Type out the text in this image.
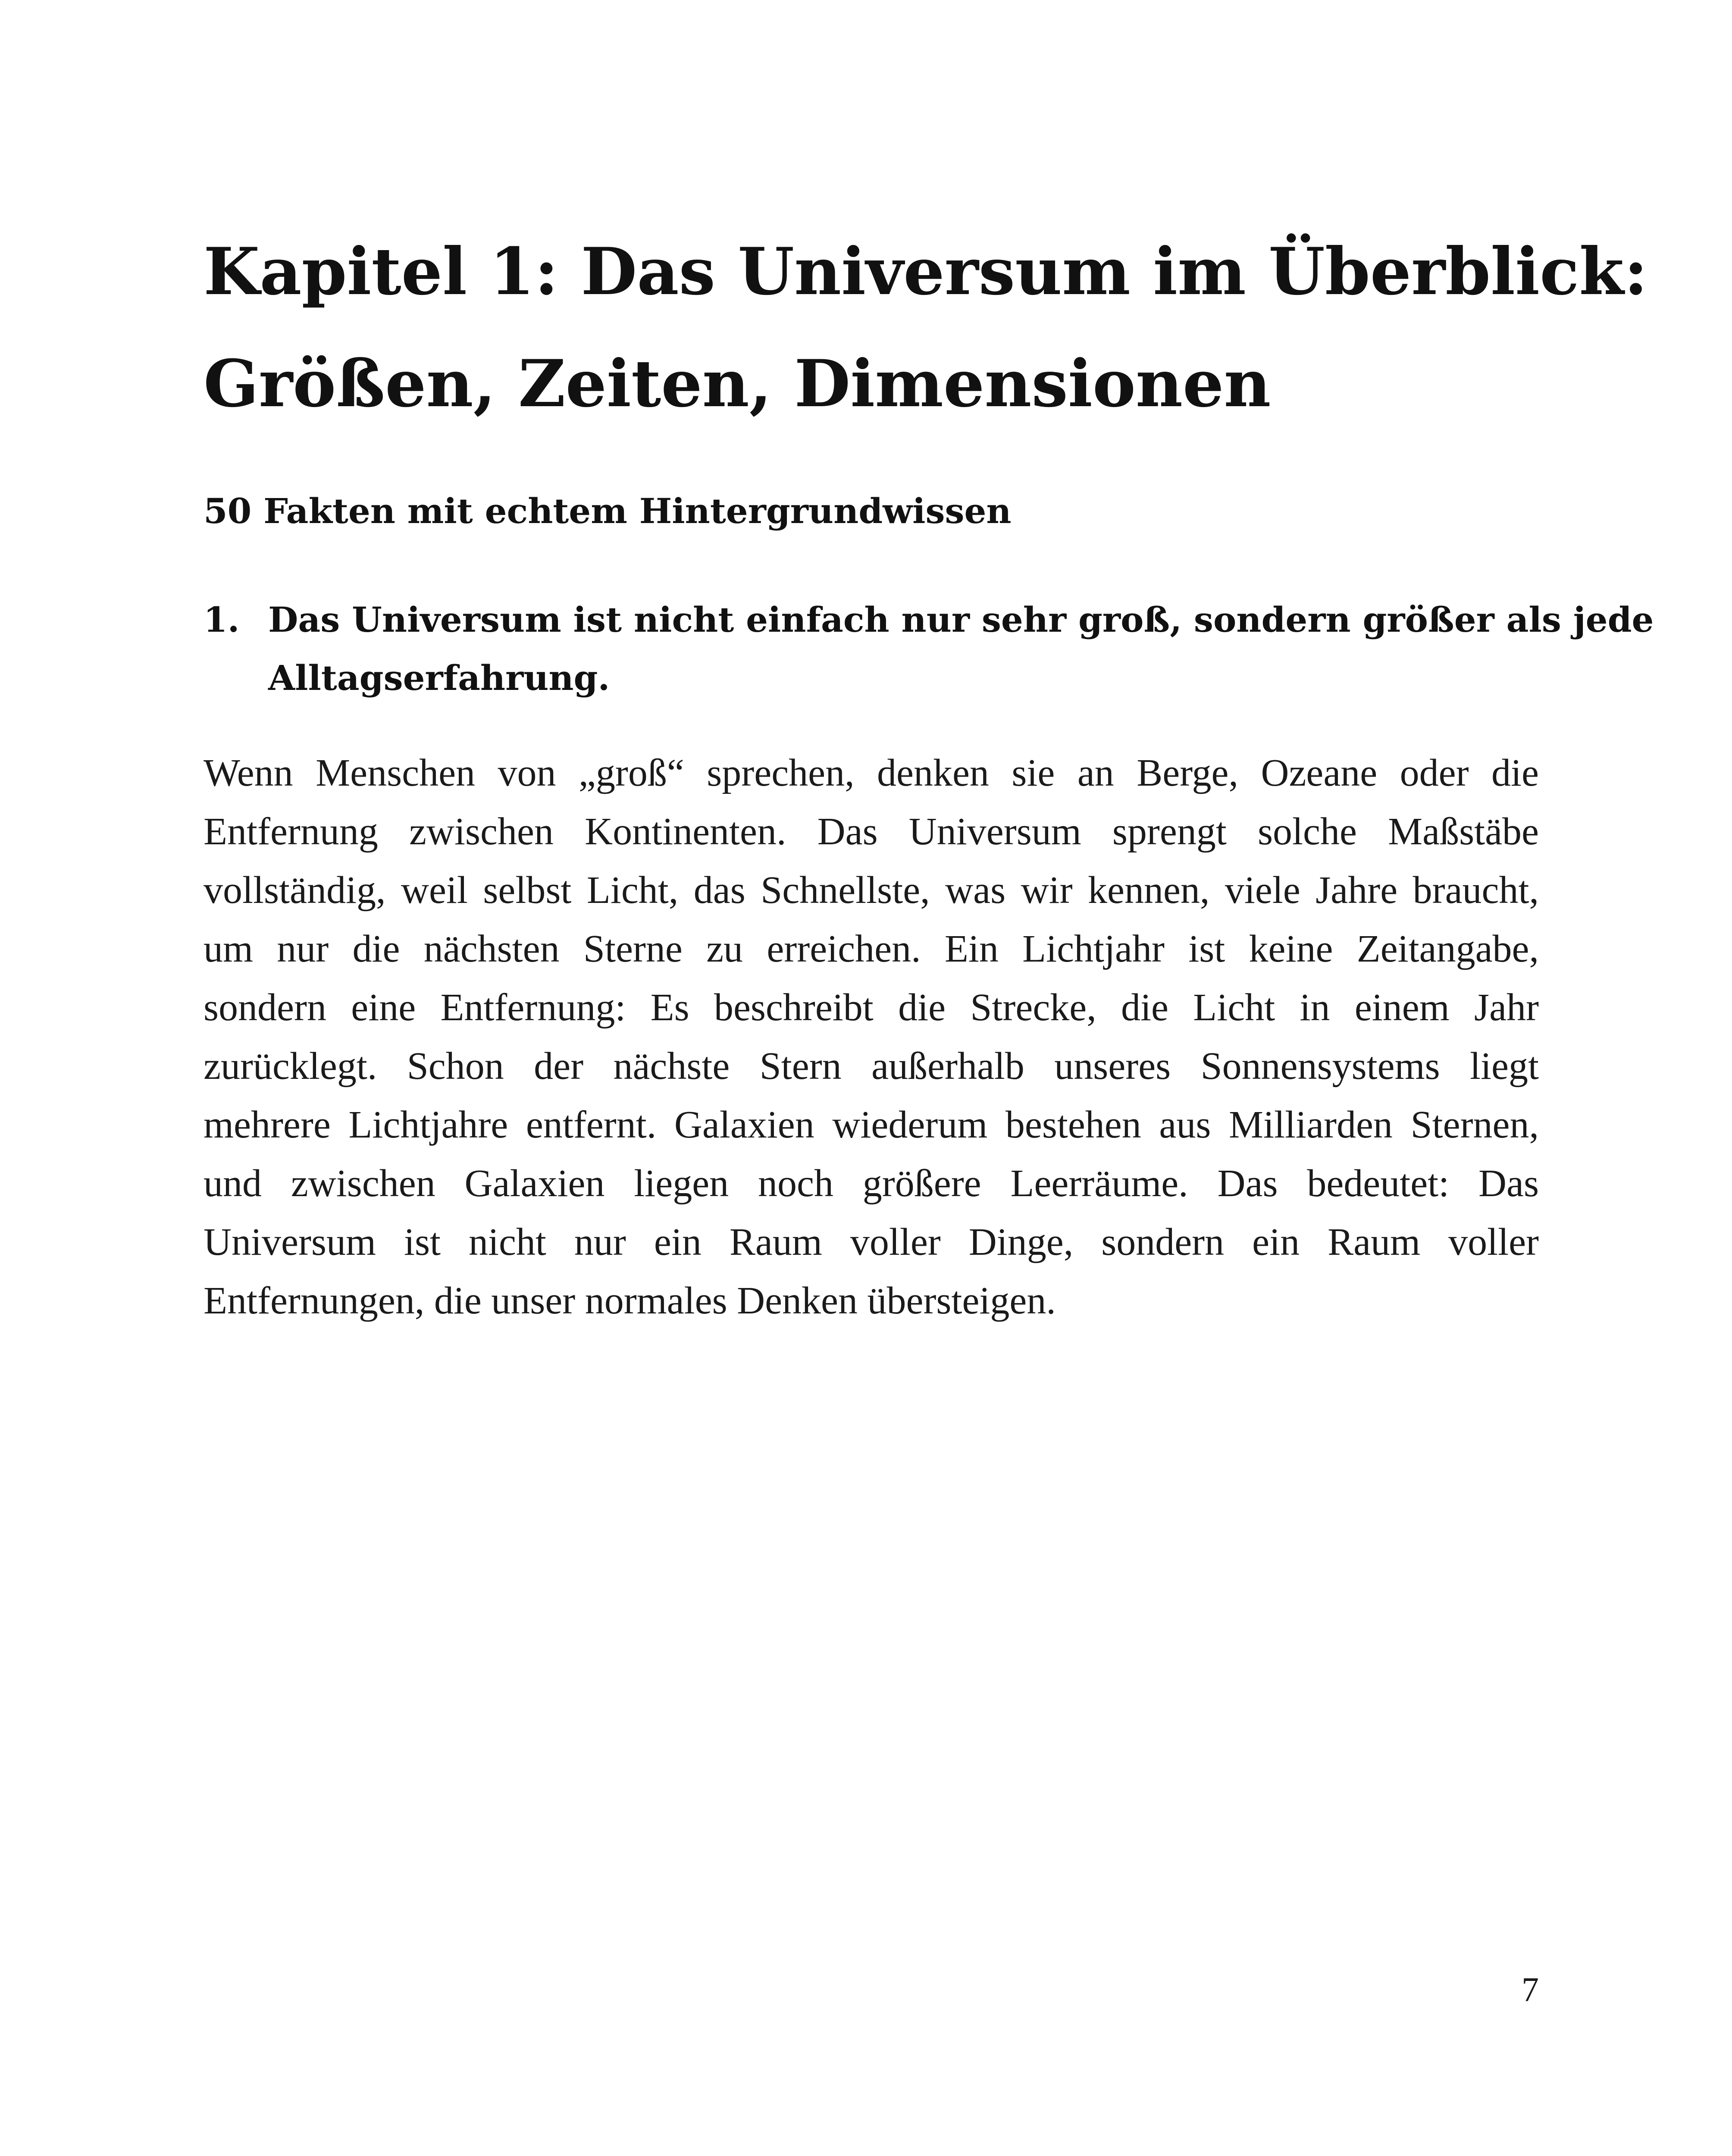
Kapitel 1: Das Universum im Überblick:
Größen, Zeiten, Dimensionen
50 Fakten mit echtem Hintergrundwissen
1. Das Universum ist nicht einfach nur sehr groß, sondern größer als jede
Alltagserfahrung.

Wenn Menschen von „groß“ sprechen, denken sie an Berge, Ozeane oder die
Entfernung zwischen Kontinenten. Das Universum sprengt solche Maßstäbe
vollständig, weil selbst Licht, das Schnellste, was wir kennen, viele Jahre braucht,
um nur die nächsten Sterne zu erreichen. Ein Lichtjahr ist keine Zeitangabe,
sondern eine Entfernung: Es beschreibt die Strecke, die Licht in einem Jahr
zurücklegt. Schon der nächste Stern außerhalb unseres Sonnensystems liegt
mehrere Lichtjahre entfernt. Galaxien wiederum bestehen aus Milliarden Sternen,
und zwischen Galaxien liegen noch größere Leerräume. Das bedeutet: Das
Universum ist nicht nur ein Raum voller Dinge, sondern ein Raum voller
Entfernungen, die unser normales Denken übersteigen.

7
